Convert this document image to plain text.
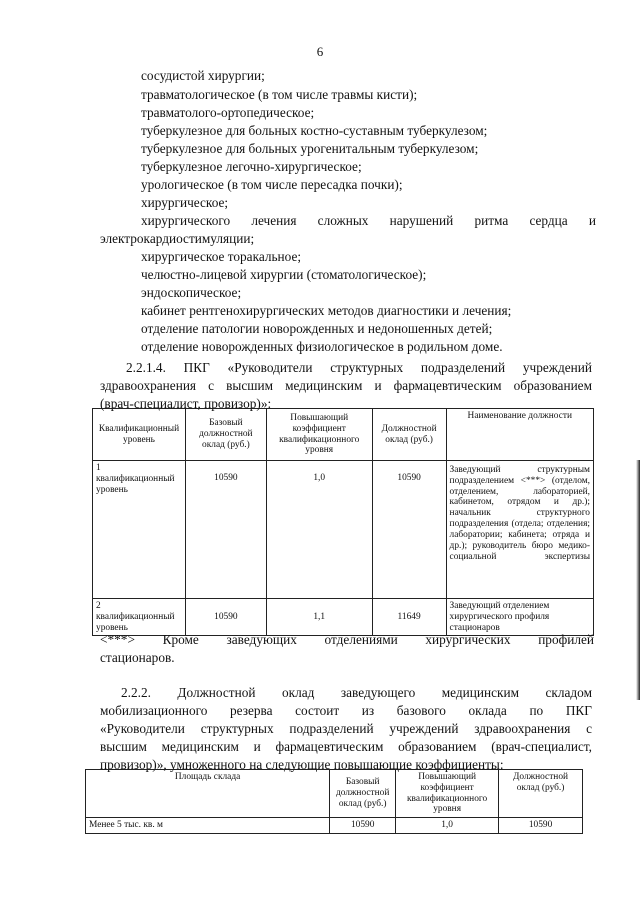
6
сосудистой хирургии;
травматологическое (в том числе травмы кисти);
травматолого-ортопедическое;
туберкулезное для больных костно-суставным туберкулезом;
туберкулезное для больных урогенитальным туберкулезом;
туберкулезное легочно-хирургическое;
урологическое (в том числе пересадка почки);
хирургическое;
хирургического лечения сложных нарушений ритма сердца и
электрокардиостимуляции;
хирургическое торакальное;
челюстно-лицевой хирургии (стоматологическое);
эндоскопическое;
кабинет рентгенохирургических методов диагностики и лечения;
отделение патологии новорожденных и недоношенных детей;
отделение новорожденных физиологическое в родильном доме.
2.2.1.4. ПКГ «Руководители структурных подразделений учреждений
здравоохранения с высшим медицинским и фармацевтическим образованием
(врач-специалист, провизор)»:
Квалификационный уровень	Базовый должностной оклад (руб.)	Повышающий коэффициент квалификационного уровня	Должностной оклад (руб.)	Наименование должности

1
квалификационный уровень	10590	1,0	10590	Заведующий структурным подразделением <***> (отделом, отделением, лабораторией, кабинетом, отрядом и др.); начальник структурного подразделения (отдела; отделения; лаборатории; кабинета; отряда и др.); руководитель бюро медико-социальной экспертизы

2
квалификационный уровень	10590	1,1	11649	Заведующий отделением хирургического профиля стационаров
<***> Кроме заведующих отделениями хирургических профилей
стационаров.
2.2.2. Должностной оклад заведующего медицинским складом
мобилизационного резерва состоит из базового оклада по ПКГ
«Руководители структурных подразделений учреждений здравоохранения с
высшим медицинским и фармацевтическим образованием (врач-специалист,
провизор)», умноженного на следующие повышающие коэффициенты:
Площадь склада	Базовый должностной оклад (руб.)	Повышающий коэффициент квалификационного уровня	Должностной оклад (руб.)
Менее 5 тыс. кв. м	10590	1,0	10590
